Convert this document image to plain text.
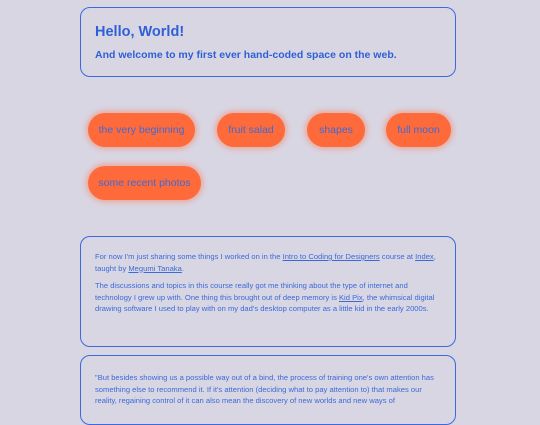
Hello, World!

And welcome to my first ever hand-coded space on the web.

the very beginning	fruit salad	shapes	full moon
some recent photos

For now I'm just sharing some things I worked on in the Intro to Coding for Designers course at Index, taught by Megumi Tanaka.

The discussions and topics in this course really got me thinking about the type of internet and technology I grew up with. One thing this brought out of deep memory is Kid Pix, the whimsical digital drawing software I used to play with on my dad's desktop computer as a little kid in the early 2000s.

"But besides showing us a possible way out of a bind, the process of training one's own attention has something else to recommend it. If it's attention (deciding what to pay attention to) that makes our reality, regaining control of it can also mean the discovery of new worlds and new ways of
